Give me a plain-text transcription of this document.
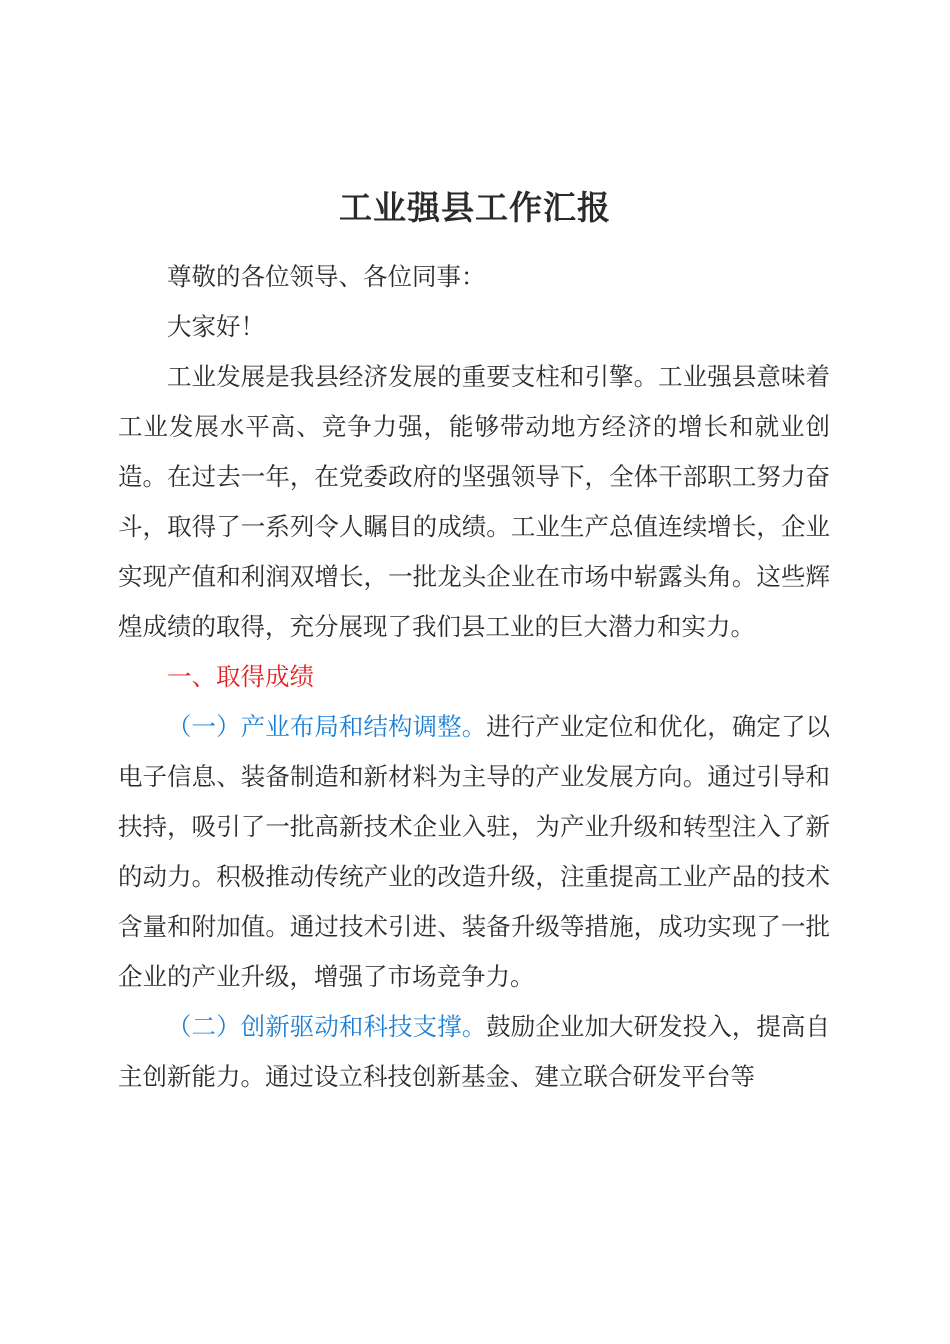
工业强县工作汇报

尊敬的各位领导、各位同事：

大家好！

工业发展是我县经济发展的重要支柱和引擎。工业强县意味着工业发展水平高、竞争力强，能够带动地方经济的增长和就业创造。在过去一年，在党委政府的坚强领导下，全体干部职工努力奋斗，取得了一系列令人瞩目的成绩。工业生产总值连续增长，企业实现产值和利润双增长，一批龙头企业在市场中崭露头角。这些辉煌成绩的取得，充分展现了我们县工业的巨大潜力和实力。

一、取得成绩

（一）产业布局和结构调整。进行产业定位和优化，确定了以电子信息、装备制造和新材料为主导的产业发展方向。通过引导和扶持，吸引了一批高新技术企业入驻，为产业升级和转型注入了新的动力。积极推动传统产业的改造升级，注重提高工业产品的技术含量和附加值。通过技术引进、装备升级等措施，成功实现了一批企业的产业升级，增强了市场竞争力。

（二）创新驱动和科技支撑。鼓励企业加大研发投入，提高自主创新能力。通过设立科技创新基金、建立联合研发平台等
